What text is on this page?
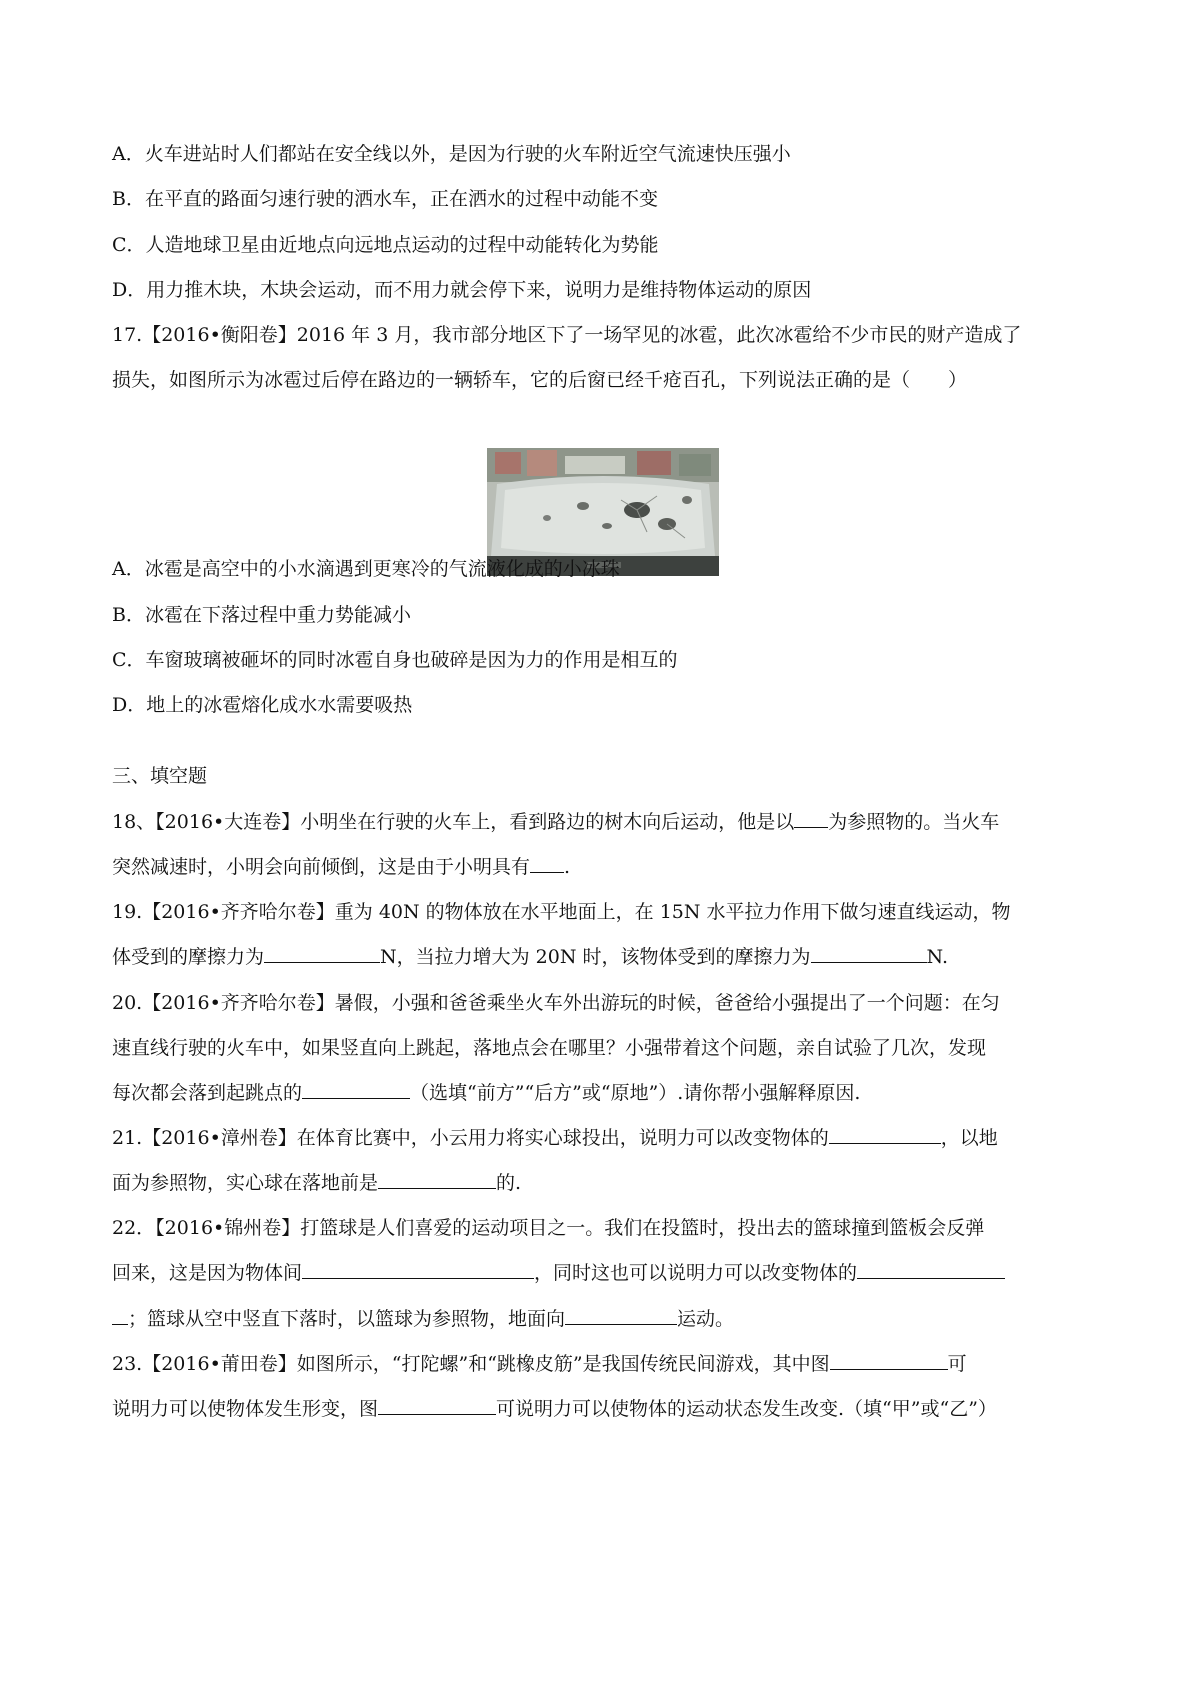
A．火车进站时人们都站在安全线以外，是因为行驶的火车附近空气流速快压强小
B．在平直的路面匀速行驶的洒水车，正在洒水的过程中动能不变
C．人造地球卫星由近地点向远地点运动的过程中动能转化为势能
D．用力推木块，木块会运动，而不用力就会停下来，说明力是维持物体运动的原因
17.【2016•衡阳卷】2016 年 3 月，我市部分地区下了一场罕见的冰雹，此次冰雹给不少市民的财产造成了
损失，如图所示为冰雹过后停在路边的一辆轿车，它的后窗已经千疮百孔，下列说法正确的是（　　）
A．冰雹是高空中的小水滴遇到更寒冷的气流液化成的小冰珠
B．冰雹在下落过程中重力势能减小
C．车窗玻璃被砸坏的同时冰雹自身也破碎是因为力的作用是相互的
D．地上的冰雹熔化成水水需要吸热
三、填空题
18、【2016•大连卷】小明坐在行驶的火车上，看到路边的树木向后运动，他是以 为参照物的。当火车
突然减速时，小明会向前倾倒，这是由于小明具有 .
19.【2016•齐齐哈尔卷】重为 40N 的物体放在水平地面上，在 15N 水平拉力作用下做匀速直线运动，物
体受到的摩擦力为	N，当拉力增大为 20N 时，该物体受到的摩擦力为	N.
20.【2016•齐齐哈尔卷】暑假，小强和爸爸乘坐火车外出游玩的时候，爸爸给小强提出了一个问题：在匀
速直线行驶的火车中，如果竖直向上跳起，落地点会在哪里？小强带着这个问题，亲自试验了几次，发现
每次都会落到起跳点的	（选填“前方”“后方”或“原地”）.请你帮小强解释原因.
21.【2016•漳州卷】在体育比赛中，小云用力将实心球投出，说明力可以改变物体的	，以地
面为参照物，实心球在落地前是	的.
22．【2016•锦州卷】打篮球是人们喜爱的运动项目之一。我们在投篮时，投出去的篮球撞到篮板会反弹
回来，这是因为物体间	，同时这也可以说明力可以改变物体的
；篮球从空中竖直下落时，以篮球为参照物，地面向	运动。
23.【2016•莆田卷】如图所示，“打陀螺”和“跳橡皮筋”是我国传统民间游戏，其中图	可
说明力可以使物体发生形变，图	可说明力可以使物体的运动状态发生改变.（填“甲”或“乙”）
